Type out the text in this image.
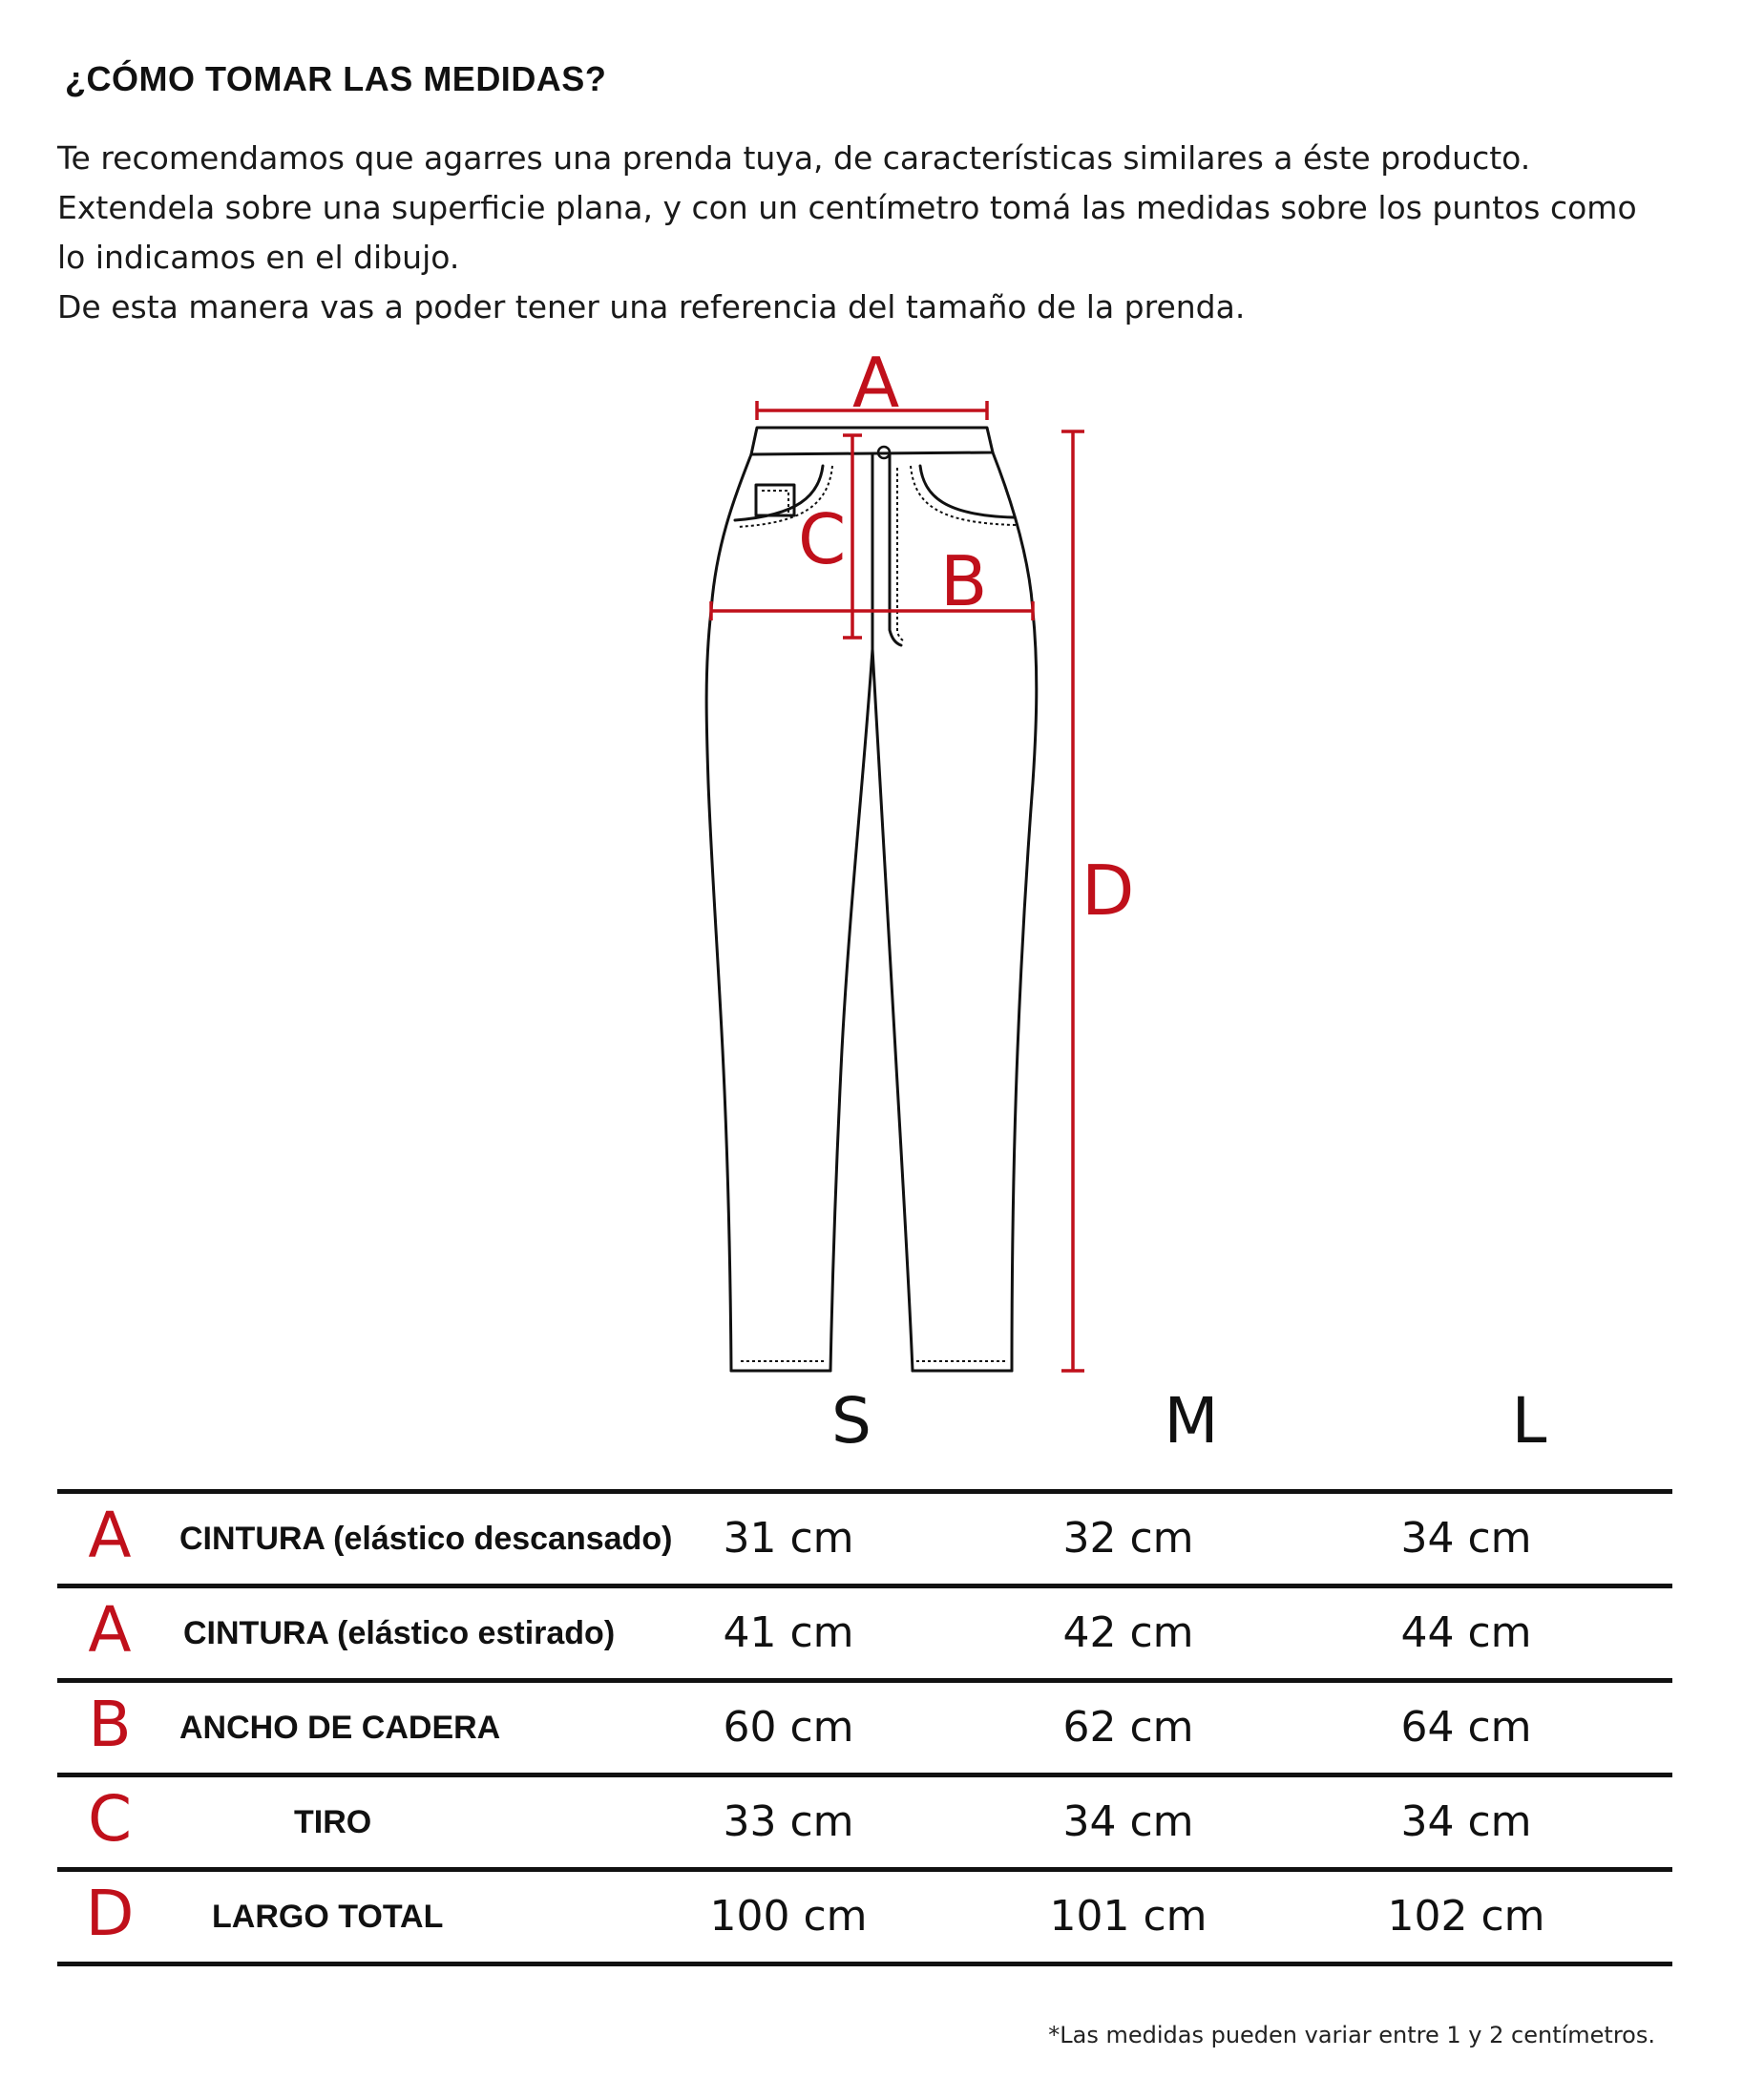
¿CÓMO TOMAR LAS MEDIDAS?

Te recomendamos que agarres una prenda tuya, de características similares a éste producto.

Extendela sobre una superficie plana, y con un centímetro tomá las medidas sobre los puntos como

lo indicamos en el dibujo.

De esta manera vas a poder tener una referencia del tamaño de la prenda.

A
B
C
D
S	M	L
A	CINTURA (elástico descansado)	31 cm	32 cm	34 cm
A	CINTURA (elástico estirado)	41 cm	42 cm	44 cm
B	ANCHO DE CADERA	60 cm	62 cm	64 cm
C	TIRO	33 cm	34 cm	34 cm
D LARGO TOTAL	100 cm	101 cm	102 cm
*Las medidas pueden variar entre 1 y 2 centímetros.
